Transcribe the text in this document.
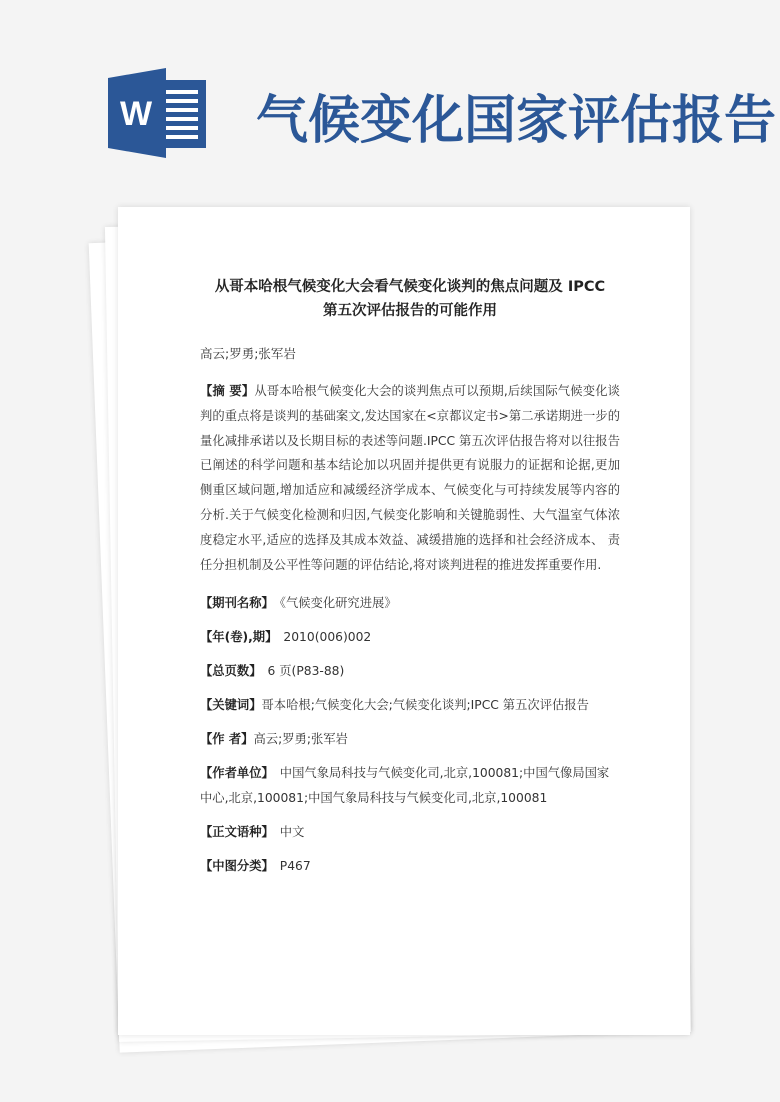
W 气候变化国家评估报告
从哥本哈根气候变化大会看气候变化谈判的焦点问题及 IPCC
第五次评估报告的可能作用
高云;罗勇;张军岩
【摘 要】从哥本哈根气候变化大会的谈判焦点可以预期,后续国际气候变化谈判的重点将是谈判的基础案文,发达国家在<京都议定书>第二承诺期进一步的量化减排承诺以及长期目标的表述等问题.IPCC 第五次评估报告将对以往报告已阐述的科学问题和基本结论加以巩固并提供更有说服力的证据和论据,更加侧重区域问题,增加适应和减缓经济学成本、气候变化与可持续发展等内容的分析.关于气候变化检测和归因,气候变化影响和关键脆弱性、大气温室气体浓度稳定水平,适应的选择及其成本效益、减缓措施的选择和社会经济成本、 责任分担机制及公平性等问题的评估结论,将对谈判进程的推进发挥重要作用.
【期刊名称】 《气候变化研究进展》
【年(卷),期】 2010(006)002
【总页数】 6 页(P83-88)
【关键词】哥本哈根;气候变化大会;气候变化谈判;IPCC 第五次评估报告
【作 者】高云;罗勇;张军岩
【作者单位】 中国气象局科技与气候变化司,北京,100081;中国气像局国家中心,北京,100081;中国气象局科技与气候变化司,北京,100081
【正文语种】 中文
【中图分类】 P467
